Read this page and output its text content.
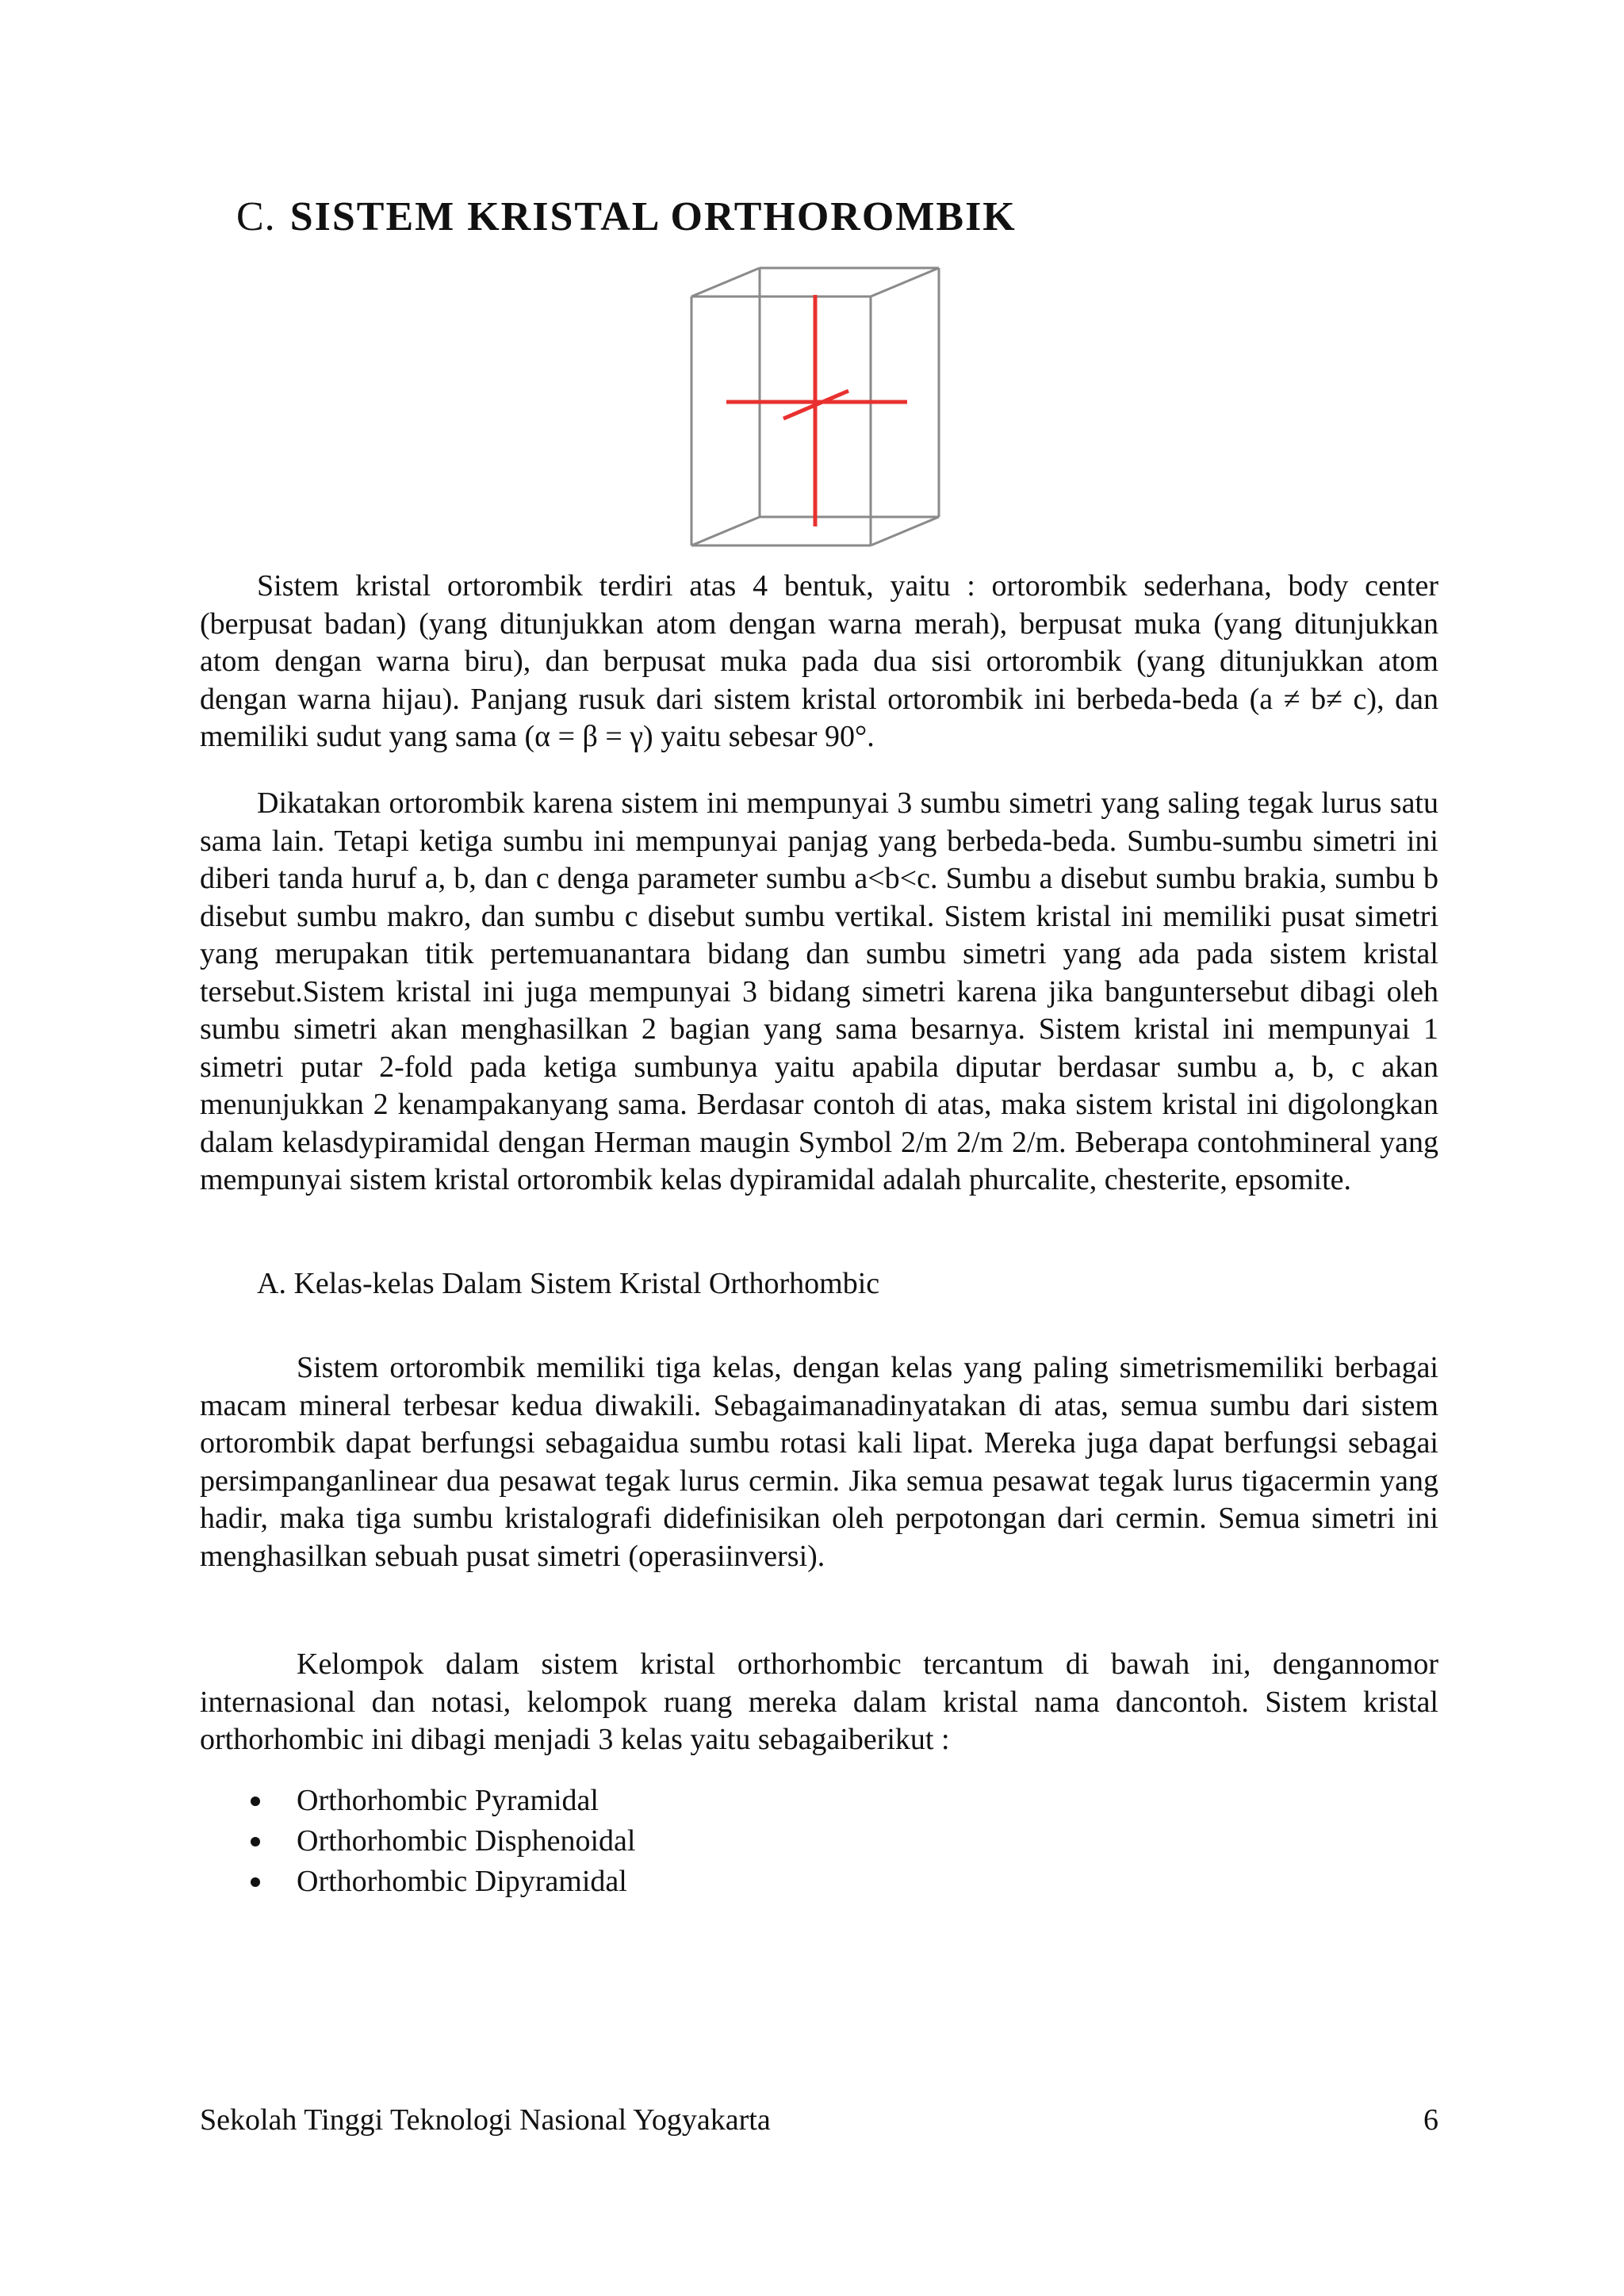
C. SISTEM KRISTAL ORTHOROMBIK
Sistem kristal ortorombik terdiri atas 4 bentuk, yaitu : ortorombik sederhana, body center (berpusat badan) (yang ditunjukkan atom dengan warna merah), berpusat muka (yang ditunjukkan atom dengan warna biru), dan berpusat muka pada dua sisi ortorombik (yang ditunjukkan atom dengan warna hijau). Panjang rusuk dari sistem kristal ortorombik ini berbeda-beda (a ≠ b≠ c), dan memiliki sudut yang sama (α = β = γ) yaitu sebesar 90°.
Dikatakan ortorombik karena sistem ini mempunyai 3 sumbu simetri yang saling tegak lurus satu sama lain. Tetapi ketiga sumbu ini mempunyai panjag yang berbeda-beda. Sumbu-sumbu simetri ini diberi tanda huruf a, b, dan c denga parameter sumbu a<b<c. Sumbu a disebut sumbu brakia, sumbu b disebut sumbu makro, dan sumbu c disebut sumbu vertikal. Sistem kristal ini memiliki pusat simetri yang merupakan titik pertemuanantara bidang dan sumbu simetri yang ada pada sistem kristal tersebut.Sistem kristal ini juga mempunyai 3 bidang simetri karena jika banguntersebut dibagi oleh sumbu simetri akan menghasilkan 2 bagian yang sama besarnya. Sistem kristal ini mempunyai 1 simetri putar 2-fold pada ketiga sumbunya yaitu apabila diputar berdasar sumbu a, b, c akan menunjukkan 2 kenampakanyang sama. Berdasar contoh di atas, maka sistem kristal ini digolongkan dalam kelasdypiramidal dengan Herman maugin Symbol 2/m 2/m 2/m. Beberapa contohmineral yang mempunyai sistem kristal ortorombik kelas dypiramidal adalah phurcalite, chesterite, epsomite.
A. Kelas-kelas Dalam Sistem Kristal Orthorhombic
Sistem ortorombik memiliki tiga kelas, dengan kelas yang paling simetrismemiliki berbagai macam mineral terbesar kedua diwakili. Sebagaimanadinyatakan di atas, semua sumbu dari sistem ortorombik dapat berfungsi sebagaidua sumbu rotasi kali lipat. Mereka juga dapat berfungsi sebagai persimpanganlinear dua pesawat tegak lurus cermin. Jika semua pesawat tegak lurus tigacermin yang hadir, maka tiga sumbu kristalografi didefinisikan oleh perpotongan dari cermin. Semua simetri ini menghasilkan sebuah pusat simetri (operasiinversi).
Kelompok dalam sistem kristal orthorhombic tercantum di bawah ini, dengannomor internasional dan notasi, kelompok ruang mereka dalam kristal nama dancontoh. Sistem kristal orthorhombic ini dibagi menjadi 3 kelas yaitu sebagaiberikut :
Orthorhombic Pyramidal
Orthorhombic Disphenoidal
Orthorhombic Dipyramidal
Sekolah Tinggi Teknologi Nasional Yogyakarta	6
